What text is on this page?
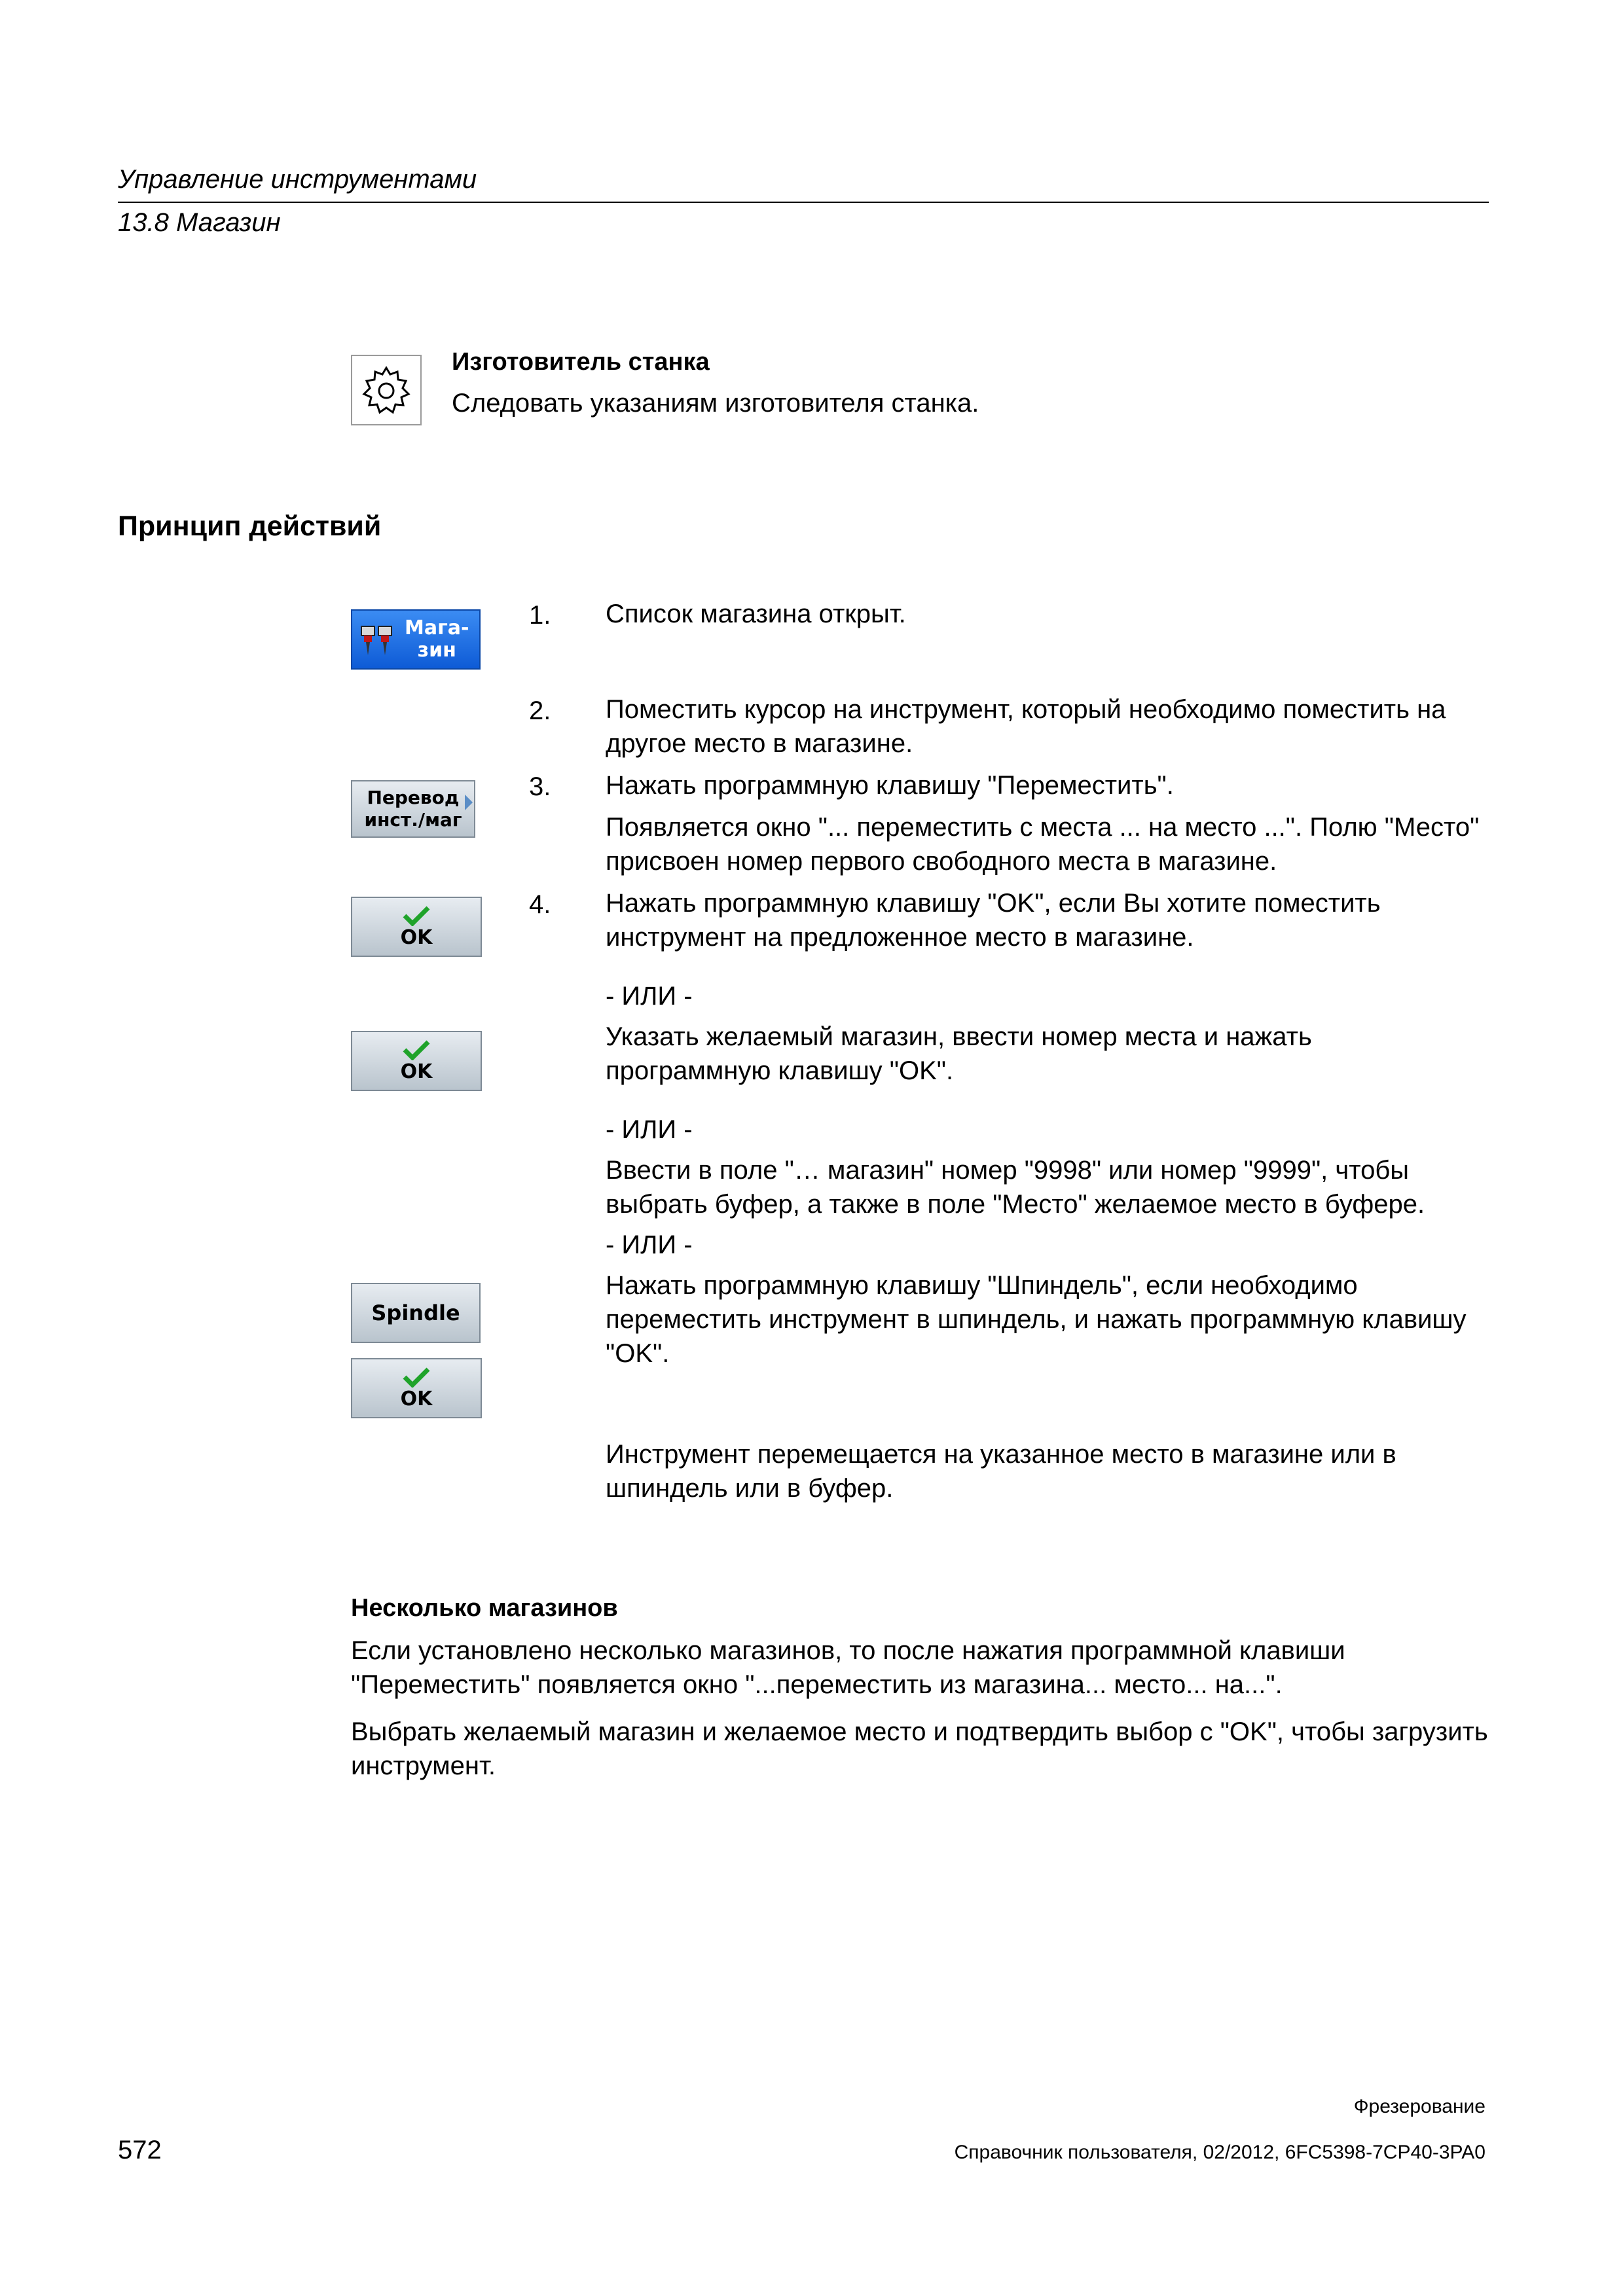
Управление инструментами
13.8 Магазин
Изготовитель станка
Следовать указаниям изготовителя станка.
Принцип действий
Мага-
зин
Перевод
инст./маг
OK
OK
Spindle
OK
1. Список магазина открыт.
2. Поместить курсор на инструмент, который необходимо поместить на другое место в магазине.
3. Нажать программную клавишу "Переместить".
Появляется окно "... переместить с места ... на место ...". Полю "Место" присвоен номер первого свободного места в магазине.
4. Нажать программную клавишу "OK", если Вы хотите поместить инструмент на предложенное место в магазине.
- ИЛИ -
Указать желаемый магазин, ввести номер места и нажать программную клавишу "OK".
- ИЛИ -
Ввести в поле "… магазин" номер "9998" или номер "9999", чтобы выбрать буфер, а также в поле "Место" желаемое место в буфере.
- ИЛИ -
Нажать программную клавишу "Шпиндель", если необходимо переместить инструмент в шпиндель, и нажать программную клавишу "OK".
Инструмент перемещается на указанное место в магазине или в шпиндель или в буфер.
Несколько магазинов
Если установлено несколько магазинов, то после нажатия программной клавиши "Переместить" появляется окно "...переместить из магазина... место... на...".
Выбрать желаемый магазин и желаемое место и подтвердить выбор с "OK", чтобы загрузить инструмент.
Фрезерование
572	Справочник пользователя, 02/2012, 6FC5398-7CP40-3PA0
